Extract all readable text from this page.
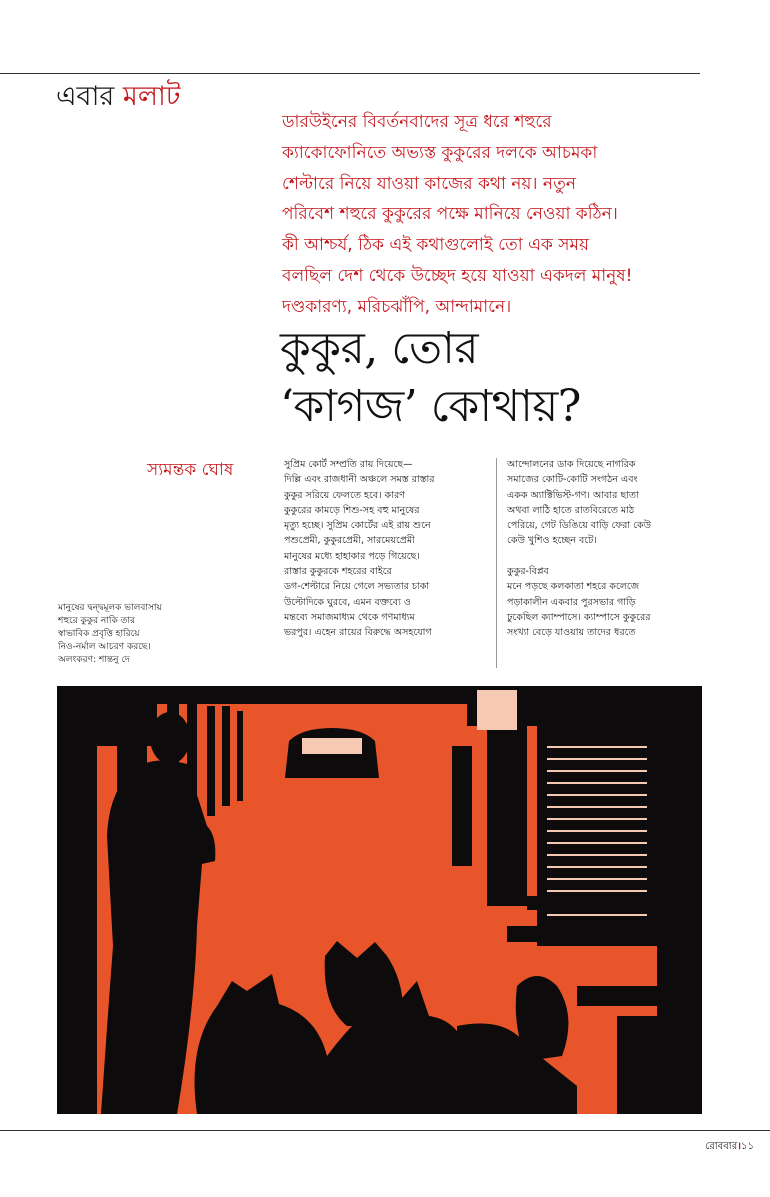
এবার মলাট
ডারউইনের বিবর্তনবাদের সূত্র ধরে শহুরে
ক্যাকোফোনিতে অভ্যস্ত কুকুরের দলকে আচমকা
শেল্টারে নিয়ে যাওয়া কাজের কথা নয়। নতুন
পরিবেশ শহুরে কুকুরের পক্ষে মানিয়ে নেওয়া কঠিন।
কী আশ্চর্য, ঠিক এই কথাগুলোই তো এক সময়
বলছিল দেশ থেকে উচ্ছেদ হয়ে যাওয়া একদল মানুষ!
দণ্ডকারণ্য, মরিচঝাঁপি, আন্দামানে।
কুকুর, তোর
‘কাগজ’ কোথায়?
স্যমন্তক ঘোষ
মানুষের দ্বন্দ্বমূলক ভালবাসায়
শহুরে কুকুর নাকি তার
স্বাভাবিক প্রবৃত্তি হারিয়ে
নিও-নর্মাল আচরণ করছে।
অলংকরণ: শান্তনু দে
সুপ্রিম কোর্ট সম্প্রতি রায় দিয়েছে—
দিল্লি এবং রাজধানী অঞ্চলে সমস্ত রাস্তার
কুকুর সরিয়ে ফেলতে হবে। কারণ
কুকুরের কামড়ে শিশু-সহ বহু মানুষের
মৃত্যু হচ্ছে। সুপ্রিম কোর্টের এই রায় শুনে
পশুপ্রেমী, কুকুরপ্রেমী, সারমেয়প্রেমী
মানুষের মধ্যে হাহাকার পড়ে গিয়েছে।
রাস্তার কুকুরকে শহরের বাইরে
ডগ-শেল্টারে নিয়ে গেলে সভ্যতার চাকা
উল্টোদিকে ঘুরবে, এমন বক্তব্যে ও
মন্তব্যে সমাজমাধ্যম থেকে গণমাধ্যম
ভরপুর। এহেন রায়ের বিরুদ্ধে অসহযোগ
আন্দোলনের ডাক দিয়েছে নাগরিক
সমাজের কোটি-কোটি সংগঠন এবং
একক অ্যাক্টিভিস্ট-গণ। আবার ছাতা
অথবা লাঠি হাতে রাতবিরেতে মাঠ
পেরিয়ে, গেট ডিঙিয়ে বাড়ি ফেরা কেউ
কেউ খুশিও হচ্ছেন বটে।
কুকুর-বিপ্লব
মনে পড়ছে কলকাতা শহরে কলেজে
পড়াকালীন একবার পুরসভার গাড়ি
ঢুকেছিল ক্যাম্পাসে। ক্যাম্পাসে কুকুরের
সংখ্যা বেড়ে যাওয়ায় তাদের ধরতে
রোববার।১১
